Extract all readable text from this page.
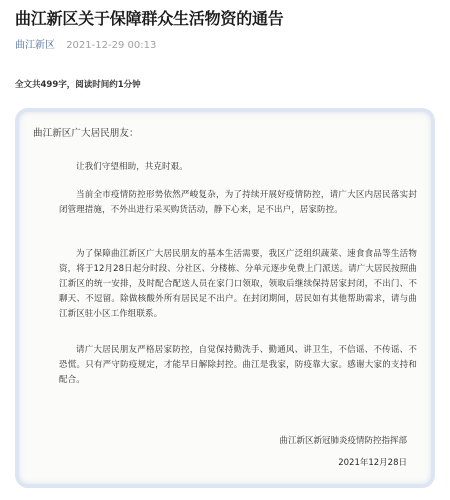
曲江新区关于保障群众生活物资的通告
曲江新区 2021-12-29 00:13
全文共499字，阅读时间约1分钟
曲江新区广大居民朋友：
让我们守望相助，共克时艰。
当前全市疫情防控形势依然严峻复杂，为了持续开展好疫情防控，请广大区内居民落实封闭管理措施，不外出进行采买购货活动，静下心来，足不出户，居家防控。
为了保障曲江新区广大居民朋友的基本生活需要，我区广泛组织蔬菜、速食食品等生活物资，将于12月28日起分时段、分社区、分楼栋、分单元逐步免费上门派送。请广大居民按照曲江新区的统一安排，及时配合配送人员在家门口领取，领取后继续保持居家封闭，不出门、不聊天、不逗留。除做核酸外所有居民足不出户。在封闭期间，居民如有其他帮助需求，请与曲江新区驻小区工作组联系。
请广大居民朋友严格居家防控，自觉保持勤洗手、勤通风、讲卫生，不信谣、不传谣、不恐慌。只有严守防疫规定，才能早日解除封控。曲江是我家，防疫靠大家。感谢大家的支持和配合。
曲江新区新冠肺炎疫情防控指挥部
2021年12月28日
